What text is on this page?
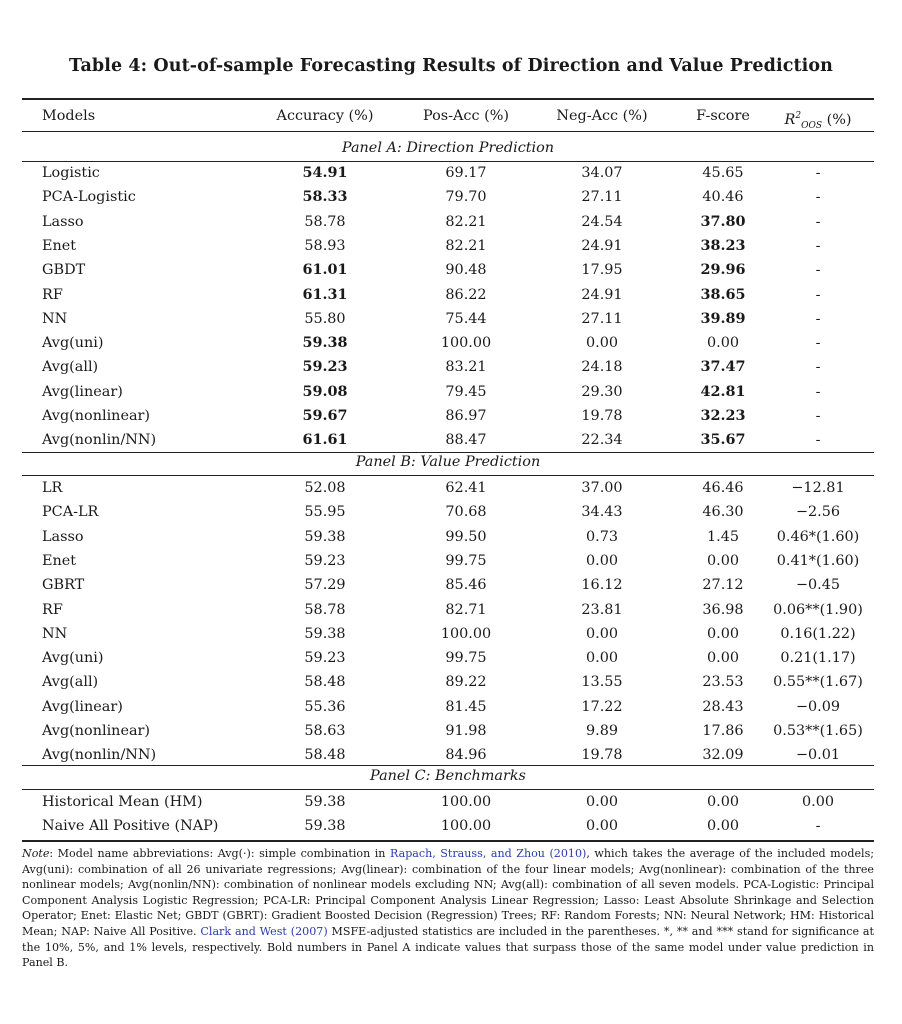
Table 4: Out-of-sample Forecasting Results of Direction and Value Prediction
Models	Accuracy (%)	Pos-Acc (%)	Neg-Acc (%)	F-score	$R^2_{OOS}$ (%)
Panel A: Direction Prediction
Logistic	54.91	69.17	34.07	45.65	-
PCA-Logistic	58.33	79.70	27.11	40.46	-
Lasso	58.78	82.21	24.54	37.80	-
Enet	58.93	82.21	24.91	38.23	-
GBDT	61.01	90.48	17.95	29.96	-
RF	61.31	86.22	24.91	38.65	-
NN	55.80	75.44	27.11	39.89	-
Avg(uni)	59.38	100.00	0.00	0.00	-
Avg(all)	59.23	83.21	24.18	37.47	-
Avg(linear)	59.08	79.45	29.30	42.81	-
Avg(nonlinear)	59.67	86.97	19.78	32.23	-
Avg(nonlin/NN)	61.61	88.47	22.34	35.67	-
Panel B: Value Prediction
LR	52.08	62.41	37.00	46.46	−12.81
PCA-LR	55.95	70.68	34.43	46.30	−2.56
Lasso	59.38	99.50	0.73	1.45	0.46*(1.60)
Enet	59.23	99.75	0.00	0.00	0.41*(1.60)
GBRT	57.29	85.46	16.12	27.12	−0.45
RF	58.78	82.71	23.81	36.98	0.06**(1.90)
NN	59.38	100.00	0.00	0.00	0.16(1.22)
Avg(uni)	59.23	99.75	0.00	0.00	0.21(1.17)
Avg(all)	58.48	89.22	13.55	23.53	0.55**(1.67)
Avg(linear)	55.36	81.45	17.22	28.43	−0.09
Avg(nonlinear)	58.63	91.98	9.89	17.86	0.53**(1.65)
Avg(nonlin/NN)	58.48	84.96	19.78	32.09	−0.01
Panel C: Benchmarks
Historical Mean (HM)	59.38	100.00	0.00	0.00	0.00
Naive All Positive (NAP)	59.38	100.00	0.00	0.00	-
Note: Model name abbreviations: Avg(·): simple combination in Rapach, Strauss, and Zhou (2010), which takes the average of the included models; Avg(uni): combination of all 26 univariate regressions; Avg(linear): combination of the four linear models; Avg(nonlinear): combination of the three nonlinear models; Avg(nonlin/NN): combination of nonlinear models excluding NN; Avg(all): combination of all seven models. PCA-Logistic: Principal Component Analysis Logistic Regression; PCA-LR: Principal Component Analysis Linear Regression; Lasso: Least Absolute Shrinkage and Selection Operator; Enet: Elastic Net; GBDT (GBRT): Gradient Boosted Decision (Regression) Trees; RF: Random Forests; NN: Neural Network; HM: Historical Mean; NAP: Naive All Positive. Clark and West (2007) MSFE-adjusted statistics are included in the parentheses. *, ** and *** stand for significance at the 10%, 5%, and 1% levels, respectively. Bold numbers in Panel A indicate values that surpass those of the same model under value prediction in Panel B.
